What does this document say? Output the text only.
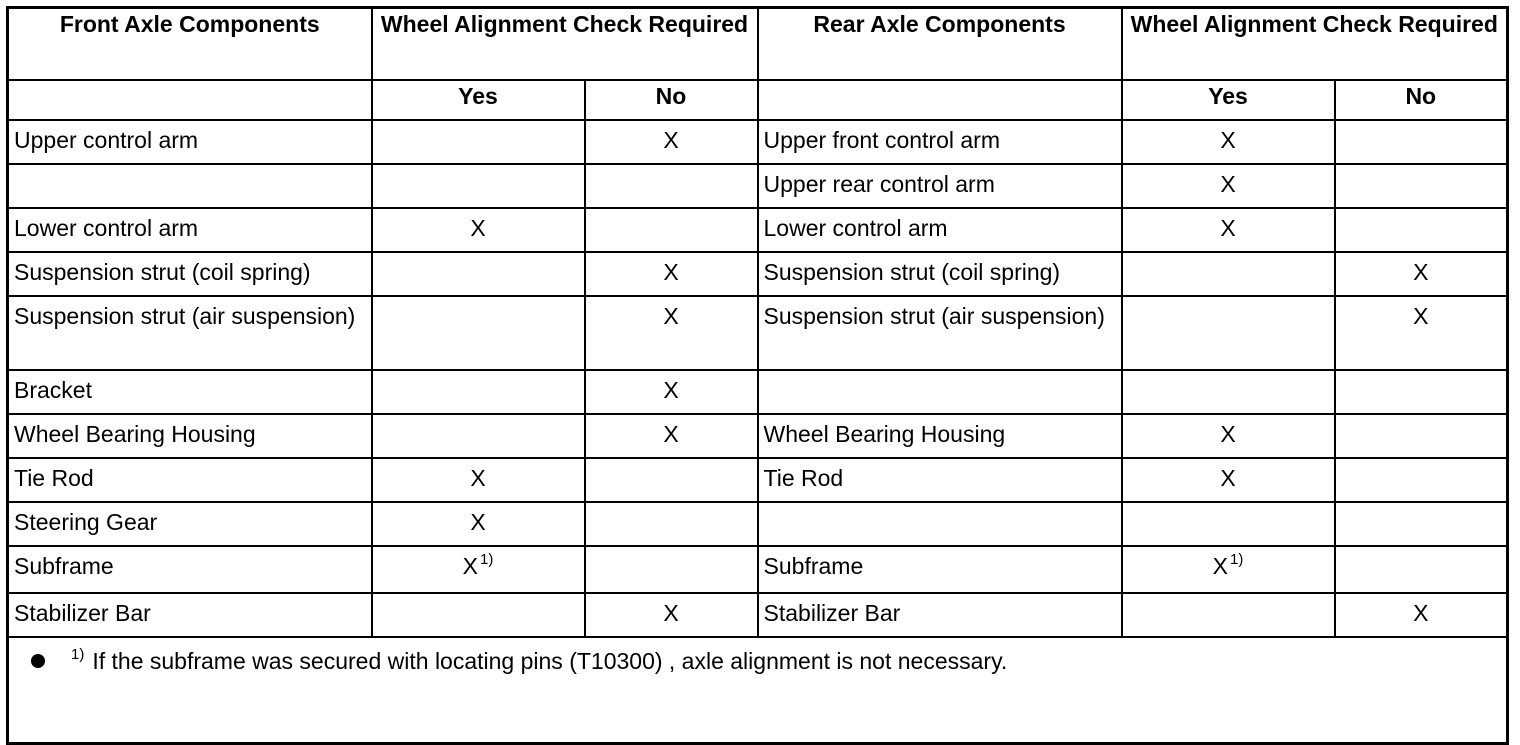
Front Axle Components	Wheel Alignment Check Required		Rear Axle Components	Wheel Alignment Check Required	
	Yes	No		Yes	No
Upper control arm		X	Upper front control arm	X	
			Upper rear control arm	X	
Lower control arm	X		Lower control arm	X	
Suspension strut (coil spring)		X	Suspension strut (coil spring)		X
Suspension strut (air suspension)		X	Suspension strut (air suspension)		X
Bracket		X			
Wheel Bearing Housing		X	Wheel Bearing Housing	X	
Tie Rod	X		Tie Rod	X	
Steering Gear	X				
Subframe	X $^{1)}$		Subframe	X $^{1)}$	
Stabilizer Bar		X	Stabilizer Bar		X
$^{1)}$ If the subframe was secured with locating pins (T10300) , axle alignment is not necessary.					
